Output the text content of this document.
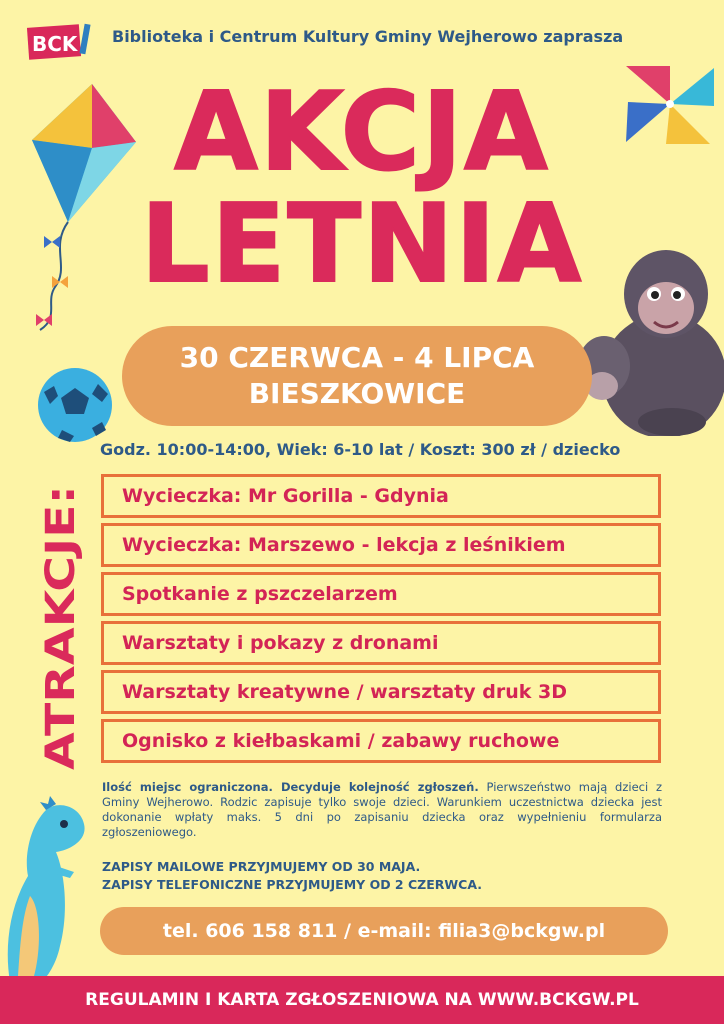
BCK Biblioteka i Centrum Kultury Gminy Wejherowo zaprasza
AKCJA
LETNIA
30 CZERWCA - 4 LIPCA
BIESZKOWICE
Godz. 10:00-14:00, Wiek: 6-10 lat / Koszt: 300 zł / dziecko
ATRAKCJE:
Wycieczka: Mr Gorilla - Gdynia
Wycieczka: Marszewo - lekcja z leśnikiem
Spotkanie z pszczelarzem
Warsztaty i pokazy z dronami
Warsztaty kreatywne / warsztaty druk 3D
Ognisko z kiełbaskami / zabawy ruchowe
Ilość miejsc ograniczona. Decyduje kolejność zgłoszeń. Pierwszeństwo mają dzieci z Gminy Wejherowo. Rodzic zapisuje tylko swoje dzieci. Warunkiem uczestnictwa dziecka jest dokonanie wpłaty maks. 5 dni po zapisaniu dziecka oraz wypełnieniu formularza zgłoszeniowego.
ZAPISY MAILOWE PRZYJMUJEMY OD 30 MAJA.
ZAPISY TELEFONICZNE PRZYJMUJEMY OD 2 CZERWCA.
tel. 606 158 811 / e-mail: filia3@bckgw.pl
REGULAMIN I KARTA ZGŁOSZENIOWA NA WWW.BCKGW.PL
